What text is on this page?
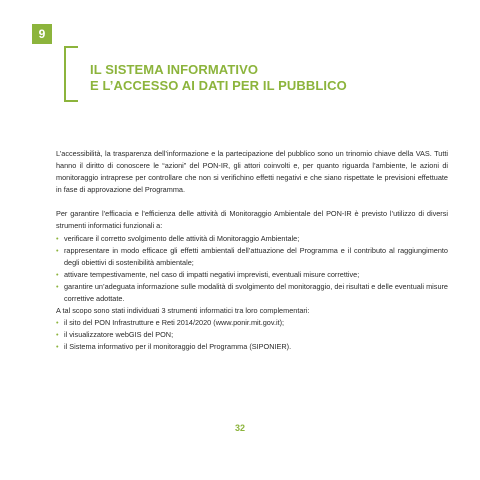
9
IL SISTEMA INFORMATIVO
E L’ACCESSO AI DATI PER IL PUBBLICO

L’accessibilità, la trasparenza dell’informazione e la partecipazione del pubblico sono un trinomio chiave della VAS. Tutti hanno il diritto di conoscere le “azioni” del PON-IR, gli attori coinvolti e, per quanto riguarda l’ambiente, le azioni di monitoraggio intraprese per controllare che non si verifichino effetti negativi e che siano rispettate le previsioni effettuate in fase di approvazione del Programma.

Per garantire l’efficacia e l’efficienza delle attività di Monitoraggio Ambientale del PON-IR è previsto l’utilizzo di diversi strumenti informatici funzionali a:

• verificare il corretto svolgimento delle attività di Monitoraggio Ambientale;
• rappresentare in modo efficace gli effetti ambientali dell’attuazione del Programma e il contributo al raggiungimento degli obiettivi di sostenibilità ambientale;
• attivare tempestivamente, nel caso di impatti negativi imprevisti, eventuali misure correttive;
• garantire un’adeguata informazione sulle modalità di svolgimento del monitoraggio, dei risultati e delle eventuali misure correttive adottate.

A tal scopo sono stati individuati 3 strumenti informatici tra loro complementari:

• il sito del PON Infrastrutture e Reti 2014/2020 (www.ponir.mit.gov.it);
• il visualizzatore webGIS del PON;
• il Sistema informativo per il monitoraggio del Programma (SIPONIER).
32
